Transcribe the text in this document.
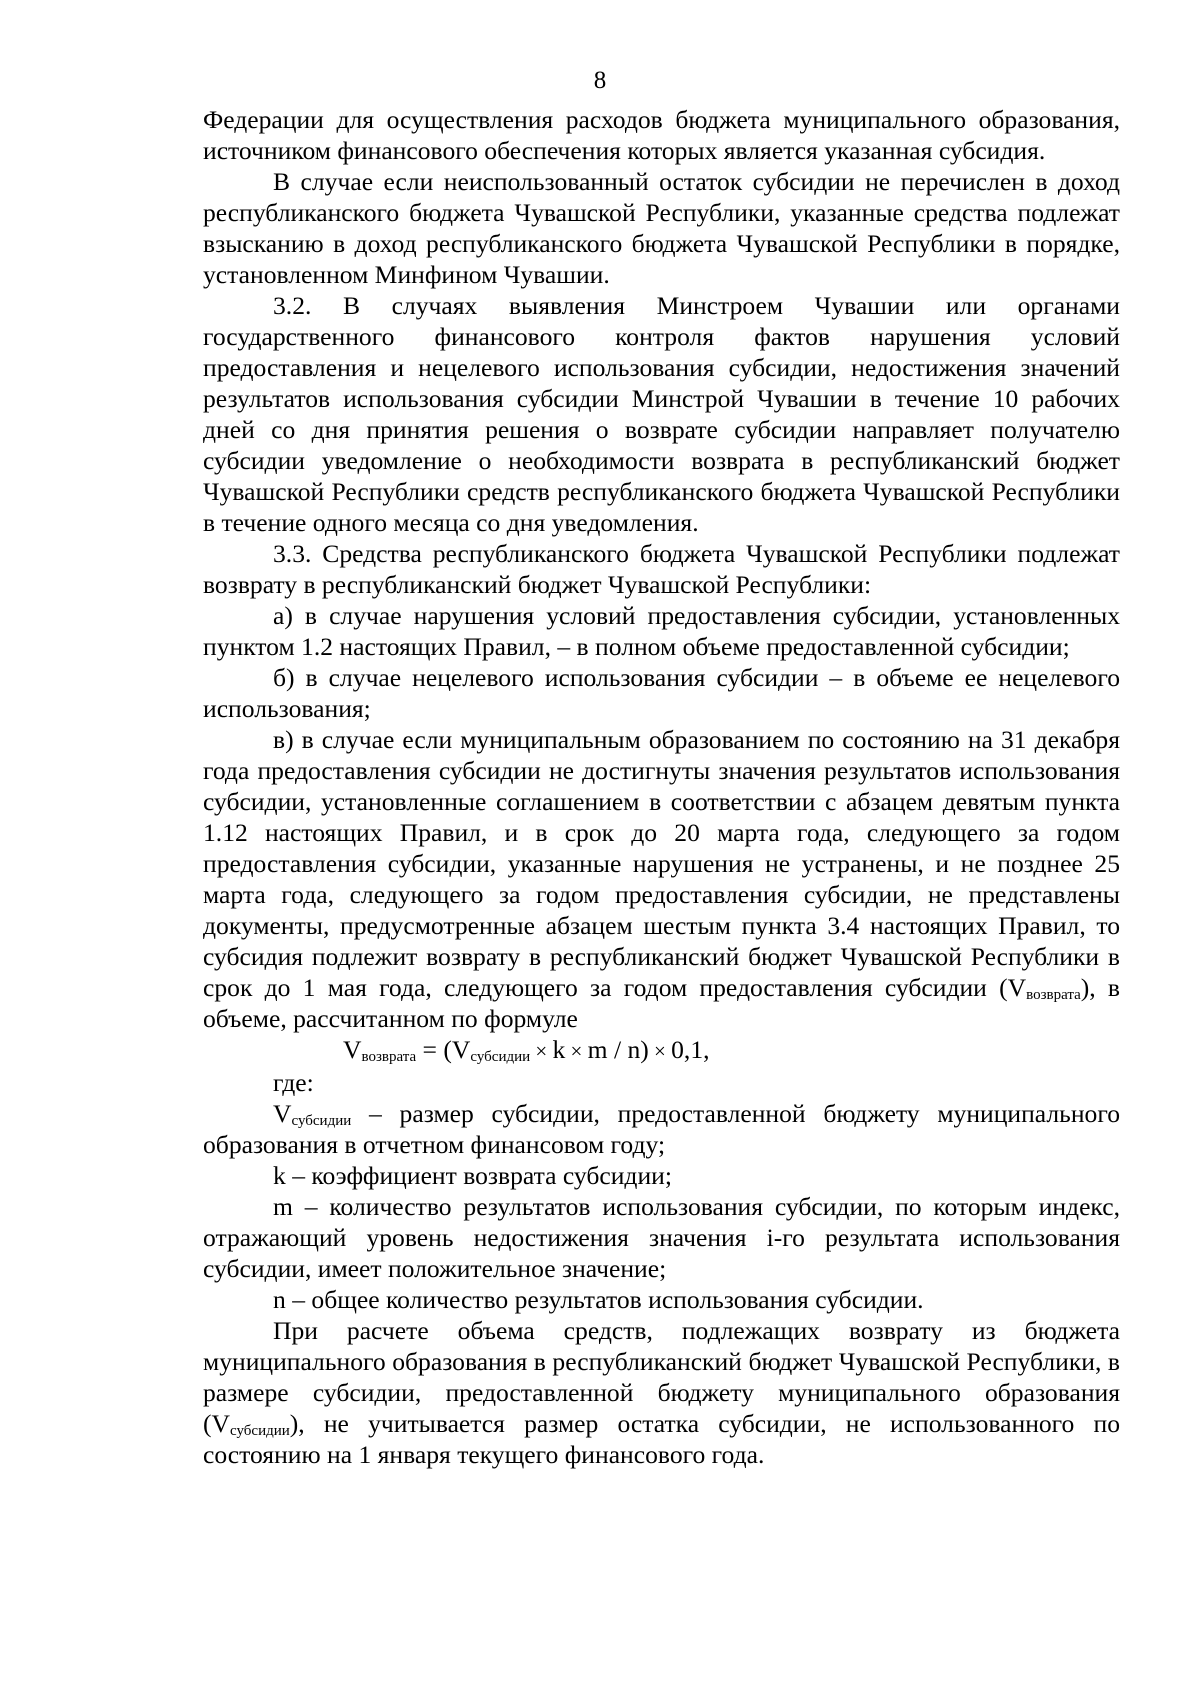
8

Федерации для осуществления расходов бюджета муниципального образования, источником финансового обеспечения которых является указанная субсидия.

В случае если неиспользованный остаток субсидии не перечислен в доход республиканского бюджета Чувашской Республики, указанные средства подлежат взысканию в доход республиканского бюджета Чувашской Республики в порядке, установленном Минфином Чувашии.

3.2. В случаях выявления Минстроем Чувашии или органами государственного финансового контроля фактов нарушения условий предоставления и нецелевого использования субсидии, недостижения значений результатов использования субсидии Минстрой Чувашии в течение 10 рабочих дней со дня принятия решения о возврате субсидии направляет получателю субсидии уведомление о необходимости возврата в республиканский бюджет Чувашской Республики средств республиканского бюджета Чувашской Республики в течение одного месяца со дня уведомления.

3.3. Средства республиканского бюджета Чувашской Республики подлежат возврату в республиканский бюджет Чувашской Республики:

а) в случае нарушения условий предоставления субсидии, установленных пунктом 1.2 настоящих Правил, – в полном объеме предоставленной субсидии;

б) в случае нецелевого использования субсидии – в объеме ее нецелевого использования;

в) в случае если муниципальным образованием по состоянию на 31 декабря года предоставления субсидии не достигнуты значения результатов использования субсидии, установленные соглашением в соответствии с абзацем девятым пункта 1.12 настоящих Правил, и в срок до 20 марта года, следующего за годом предоставления субсидии, указанные нарушения не устранены, и не позднее 25 марта года, следующего за годом предоставления субсидии, не представлены документы, предусмотренные абзацем шестым пункта 3.4 настоящих Правил, то субсидия подлежит возврату в республиканский бюджет Чувашской Республики в срок до 1 мая года, следующего за годом предоставления субсидии $(V_{возврата})$, в объеме, рассчитанном по формуле

$V_{возврата} = (V_{субсидии} \times k \times m / n) \times 0,1$,

где:

$V_{субсидии}$ – размер субсидии, предоставленной бюджету муниципального образования в отчетном финансовом году;

k – коэффициент возврата субсидии;

m – количество результатов использования субсидии, по которым индекс, отражающий уровень недостижения значения i-го результата использования субсидии, имеет положительное значение;

n – общее количество результатов использования субсидии.

При расчете объема средств, подлежащих возврату из бюджета муниципального образования в республиканский бюджет Чувашской Республики, в размере субсидии, предоставленной бюджету муниципального образования $(V_{субсидии})$, не учитывается размер остатка субсидии, не использованного по состоянию на 1 января текущего финансового года.
